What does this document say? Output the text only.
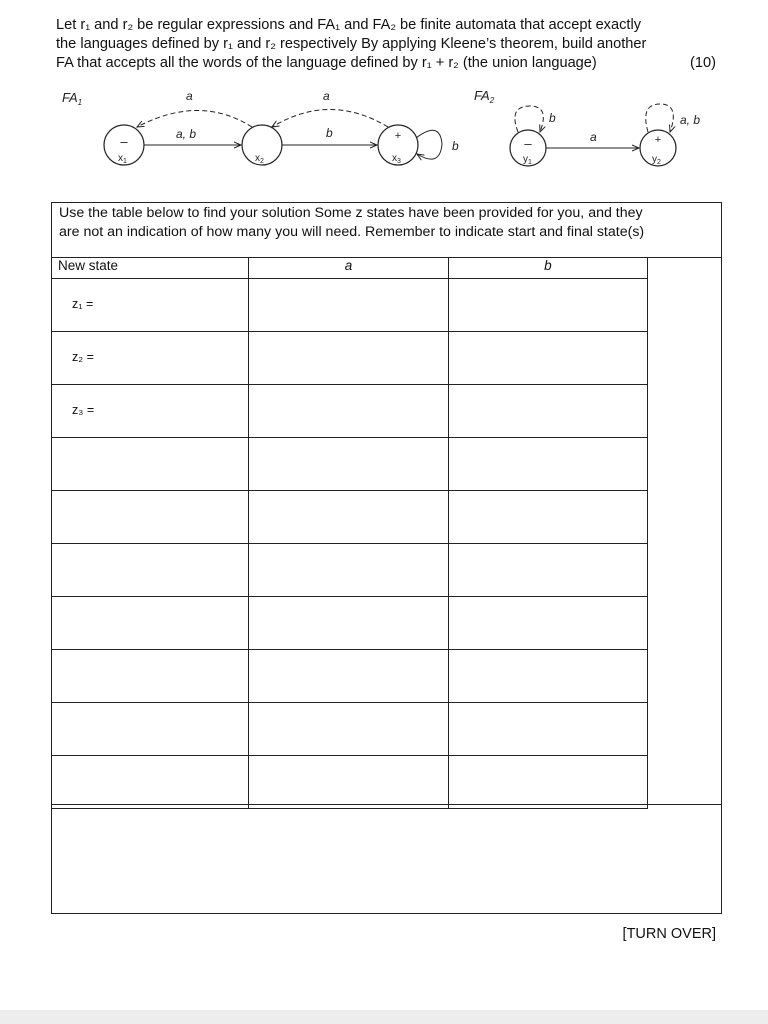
Let r₁ and r₂ be regular expressions and FA₁ and FA₂ be finite automata that accept exactly
the languages defined by r₁ and r₂ respectively By applying Kleene’s theorem, build another
FA that accepts all the words of the language defined by r₁ + r₂ (the union language)	(10)
$FA_1$
–
$x_1$	$x_2$
+
$x_3$
a, b
a
b
a
b
$FA_2$
–
$y_1$
+
$y_2$
b
a
a, b
Use the table below to find your solution Some z states have been provided for you, and they
are not an indication of how many you will need. Remember to indicate start and final state(s)
New state	a	b
z₁ =		
z₂ =		
z₃ =		

[TURN OVER]
